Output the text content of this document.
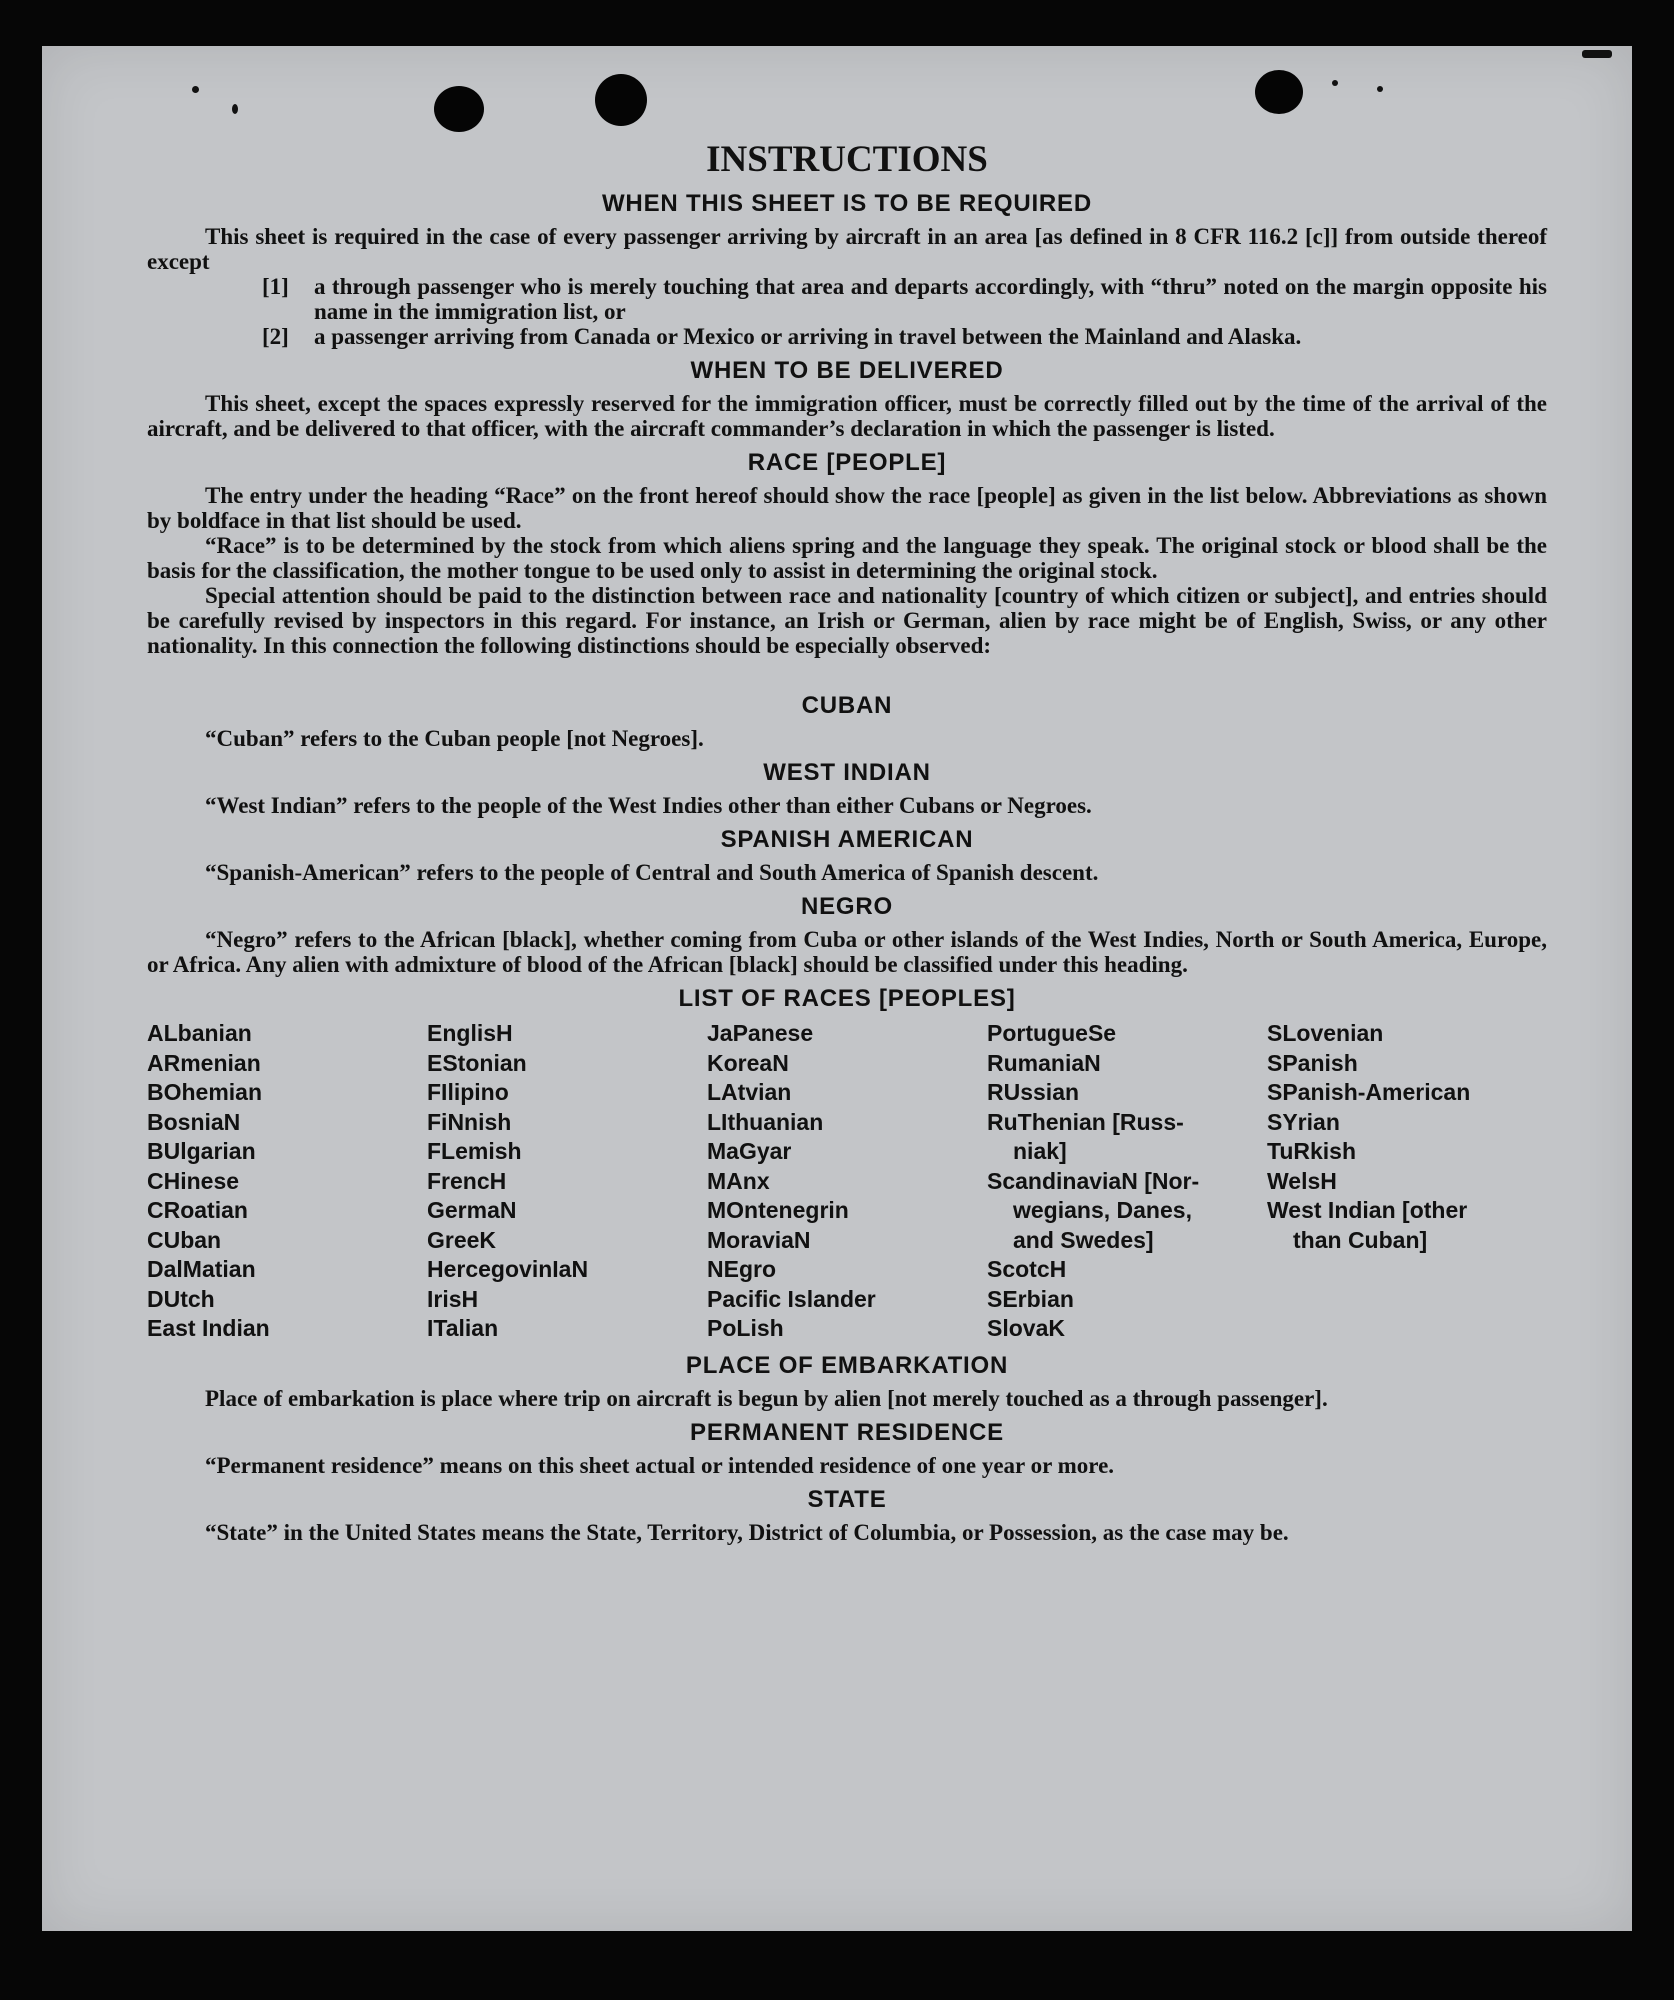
INSTRUCTIONS
WHEN THIS SHEET IS TO BE REQUIRED

This sheet is required in the case of every passenger arriving by aircraft in an area [as defined in 8 CFR 116.2 [c]] from outside thereof except

[1]	a through passenger who is merely touching that area and departs accordingly, with “thru” noted on the margin opposite his name in the immigration list, or
[2]	a passenger arriving from Canada or Mexico or arriving in travel between the Mainland and Alaska.
WHEN TO BE DELIVERED

This sheet, except the spaces expressly reserved for the immigration officer, must be correctly filled out by the time of the arrival of the aircraft, and be delivered to that officer, with the aircraft commander’s declaration in which the passenger is listed.

RACE [PEOPLE]

The entry under the heading “Race” on the front hereof should show the race [people] as given in the list below. Abbreviations as shown by boldface in that list should be used.

“Race” is to be determined by the stock from which aliens spring and the language they speak. The original stock or blood shall be the basis for the classification, the mother tongue to be used only to assist in determining the original stock.

Special attention should be paid to the distinction between race and nationality [country of which citizen or subject], and entries should be carefully revised by inspectors in this regard. For instance, an Irish or German, alien by race might be of English, Swiss, or any other nationality. In this connection the following distinctions should be especially observed:

CUBAN

“Cuban” refers to the Cuban people [not Negroes].

WEST INDIAN

“West Indian” refers to the people of the West Indies other than either Cubans or Negroes.

SPANISH AMERICAN

“Spanish-American” refers to the people of Central and South America of Spanish descent.

NEGRO

“Negro” refers to the African [black], whether coming from Cuba or other islands of the West Indies, North or South America, Europe, or Africa. Any alien with admixture of blood of the African [black] should be classified under this heading.

LIST OF RACES [PEOPLES]
ALbanian
ARmenian
BOhemian
BosniaN
BUlgarian
CHinese
CRoatian
CUban
DalMatian
DUtch
East Indian
EnglisH
EStonian
FIlipino
FiNnish
FLemish
FrencH
GermaN
GreeK
HercegovinIaN
IrisH
ITalian
JaPanese
KoreaN
LAtvian
LIthuanian
MaGyar
MAnx
MOntenegrin
MoraviaN
NEgro
Pacific Islander
PoLish
PortugueSe
RumaniaN
RUssian
RuThenian [Russ-
niak]
ScandinaviaN [Nor-
wegians, Danes,
and Swedes]
ScotcH
SErbian
SlovaK
SLovenian
SPanish
SPanish-American
SYrian
TuRkish
WelsH
West Indian [other
than Cuban]
PLACE OF EMBARKATION

Place of embarkation is place where trip on aircraft is begun by alien [not merely touched as a through passenger].

PERMANENT RESIDENCE

“Permanent residence” means on this sheet actual or intended residence of one year or more.

STATE

“State” in the United States means the State, Territory, District of Columbia, or Possession, as the case may be.
